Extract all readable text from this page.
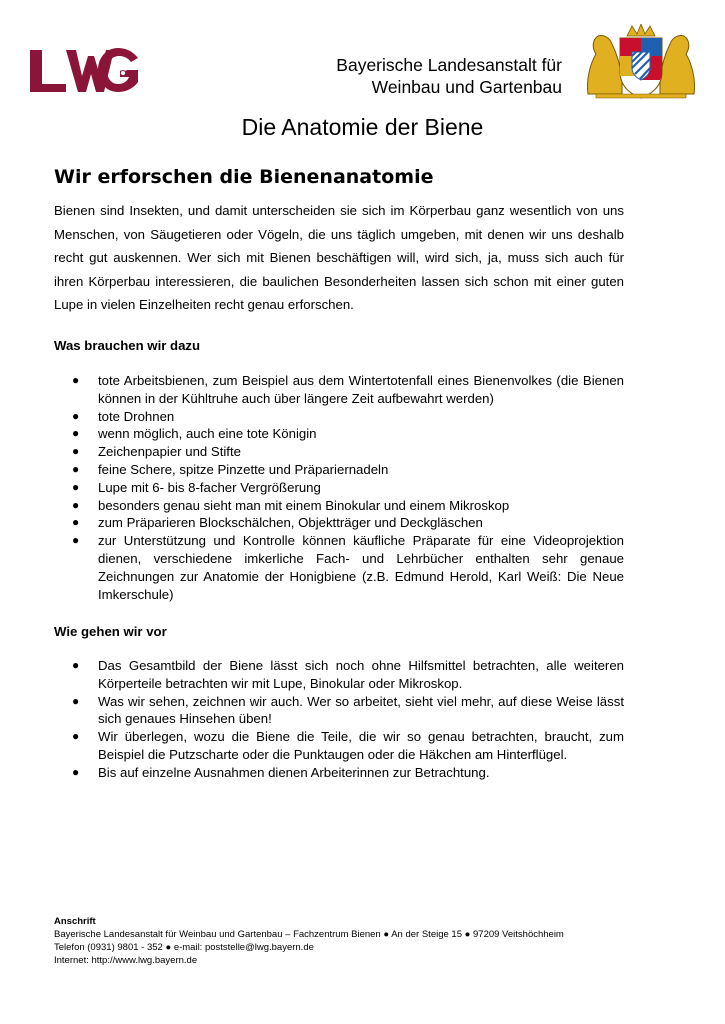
Bayerische Landesanstalt für
Weinbau und Gartenbau
Die Anatomie der Biene
Wir erforschen die Bienenanatomie

Bienen sind Insekten, und damit unterscheiden sie sich im Körperbau ganz wesentlich von uns Menschen, von Säugetieren oder Vögeln, die uns täglich umgeben, mit denen wir uns deshalb recht gut auskennen. Wer sich mit Bienen beschäftigen will, wird sich, ja, muss sich auch für ihren Körperbau interessieren, die baulichen Besonderheiten lassen sich schon mit einer guten Lupe in vielen Einzelheiten recht genau erforschen.

Was brauchen wir dazu
● tote Arbeitsbienen, zum Beispiel aus dem Wintertotenfall eines Bienenvolkes (die Bienen können in der Kühltruhe auch über längere Zeit aufbewahrt werden)
● tote Drohnen
● wenn möglich, auch eine tote Königin
● Zeichenpapier und Stifte
● feine Schere, spitze Pinzette und Präpariernadeln
● Lupe mit 6- bis 8-facher Vergrößerung
● besonders genau sieht man mit einem Binokular und einem Mikroskop
● zum Präparieren Blockschälchen, Objektträger und Deckgläschen
● zur Unterstützung und Kontrolle können käufliche Präparate für eine Videoprojektion dienen, verschiedene imkerliche Fach- und Lehrbücher enthalten sehr genaue Zeichnungen zur Anatomie der Honigbiene (z.B. Edmund Herold, Karl Weiß: Die Neue Imkerschule)
Wie gehen wir vor
● Das Gesamtbild der Biene lässt sich noch ohne Hilfsmittel betrachten, alle weiteren Körperteile betrachten wir mit Lupe, Binokular oder Mikroskop.
● Was wir sehen, zeichnen wir auch. Wer so arbeitet, sieht viel mehr, auf diese Weise lässt sich genaues Hinsehen üben!
● Wir überlegen, wozu die Biene die Teile, die wir so genau betrachten, braucht, zum Beispiel die Putzscharte oder die Punktaugen oder die Häkchen am Hinterflügel.
● Bis auf einzelne Ausnahmen dienen Arbeiterinnen zur Betrachtung.
Anschrift
Bayerische Landesanstalt für Weinbau und Gartenbau – Fachzentrum Bienen ● An der Steige 15 ● 97209 Veitshöchheim
Telefon (0931) 9801 - 352 ● e-mail: poststelle@lwg.bayern.de
Internet: http://www.lwg.bayern.de
